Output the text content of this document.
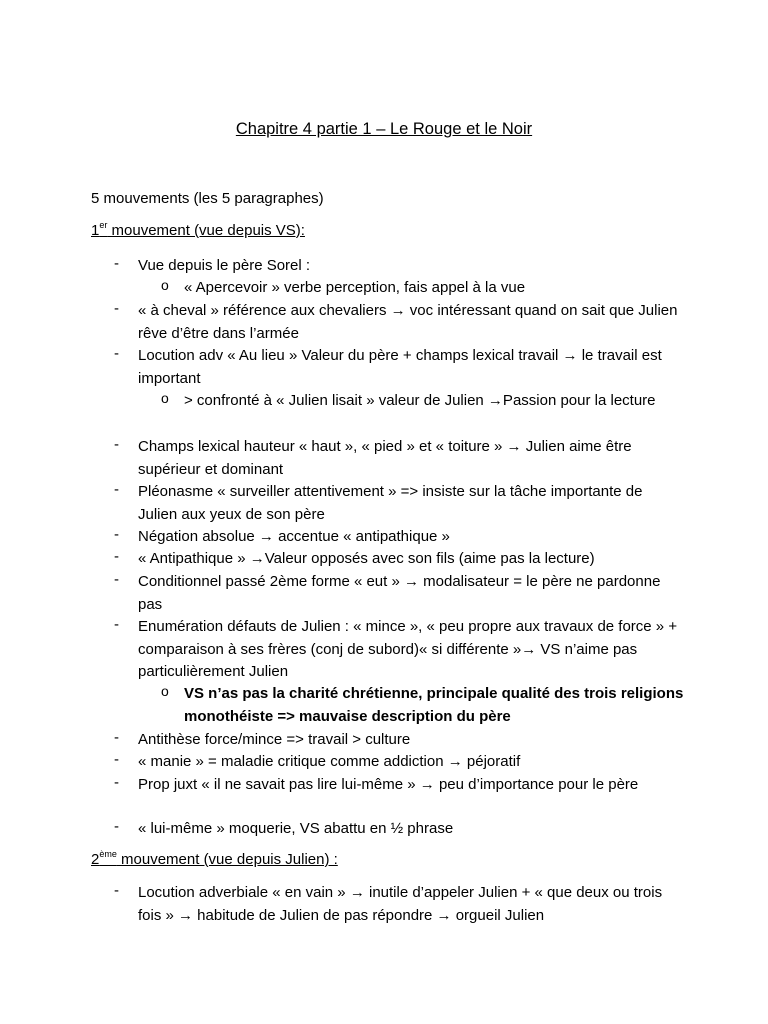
Chapitre 4 partie 1 – Le Rouge et le Noir
5 mouvements (les 5 paragraphes)
1er mouvement (vue depuis VS):
- Vue depuis le père Sorel :
o « Apercevoir » verbe perception, fais appel à la vue
- « à cheval » référence aux chevaliers → voc intéressant quand on sait que Julien rêve d’être dans l’armée
- Locution adv « Au lieu » Valeur du père + champs lexical travail → le travail est important
o > confronté à « Julien lisait » valeur de Julien →Passion pour la lecture
- Champs lexical hauteur « haut », « pied » et « toiture » → Julien aime être supérieur et dominant
- Pléonasme « surveiller attentivement » => insiste sur la tâche importante de Julien aux yeux de son père
- Négation absolue → accentue « antipathique »
- « Antipathique » →Valeur opposés avec son fils (aime pas la lecture)
- Conditionnel passé 2ème forme « eut » → modalisateur = le père ne pardonne pas
- Enumération défauts de Julien : « mince », « peu propre aux travaux de force » + comparaison à ses frères (conj de subord)« si différente »→ VS n’aime pas particulièrement Julien
o VS n’as pas la charité chrétienne, principale qualité des trois religions monothéiste => mauvaise description du père
- Antithèse force/mince => travail > culture
- « manie » = maladie critique comme addiction → péjoratif
- Prop juxt « il ne savait pas lire lui-même » → peu d’importance pour le père
- « lui-même » moquerie, VS abattu en ½ phrase
2ème mouvement (vue depuis Julien) :
- Locution adverbiale « en vain » → inutile d’appeler Julien + « que deux ou trois fois » → habitude de Julien de pas répondre → orgueil Julien
